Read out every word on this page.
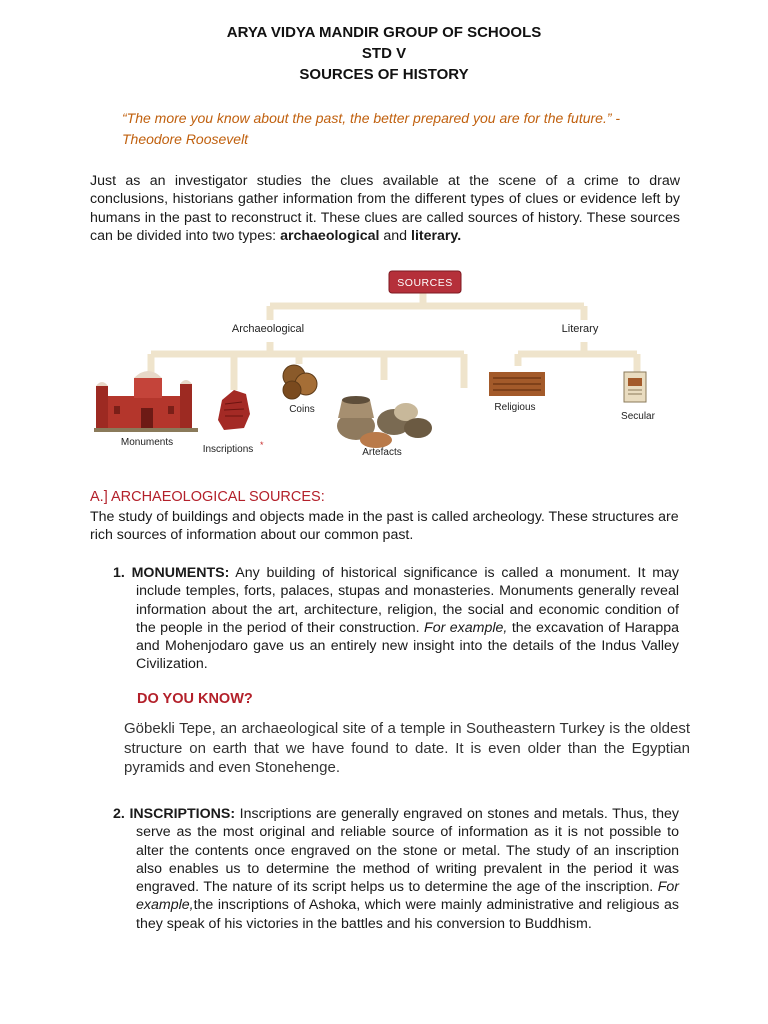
ARYA VIDYA MANDIR GROUP OF SCHOOLS
STD V
SOURCES OF HISTORY
“The more you know about the past, the better prepared you are for the future.” - Theodore Roosevelt
Just as an investigator studies the clues available at the scene of a crime to draw conclusions, historians gather information from the different types of clues or evidence left by humans in the past to reconstruct it. These clues are called sources of history. These sources can be divided into two types: archaeological and literary.
SOURCES
Archaeological	Literary
Monuments
Inscriptions *
Coins
Artefacts
Religious
Secular
A.] ARCHAEOLOGICAL SOURCES:
The study of buildings and objects made in the past is called archeology. These structures are rich sources of information about our common past.

1. MONUMENTS: Any building of historical significance is called a monument. It may include temples, forts, palaces, stupas and monasteries. Monuments generally reveal information about the art, architecture, religion, the social and economic condition of the people in the period of their construction. For example, the excavation of Harappa and Mohenjodaro gave us an entirely new insight into the details of the Indus Valley Civilization.

DO YOU KNOW?
Göbekli Tepe, an archaeological site of a temple in Southeastern Turkey is the oldest structure on earth that we have found to date. It is even older than the Egyptian pyramids and even Stonehenge.

2. INSCRIPTIONS: Inscriptions are generally engraved on stones and metals. Thus, they serve as the most original and reliable source of information as it is not possible to alter the contents once engraved on the stone or metal. The study of an inscription also enables us to determine the method of writing prevalent in the period it was engraved. The nature of its script helps us to determine the age of the inscription. For example,the inscriptions of Ashoka, which were mainly administrative and religious as they speak of his victories in the battles and his conversion to Buddhism.
